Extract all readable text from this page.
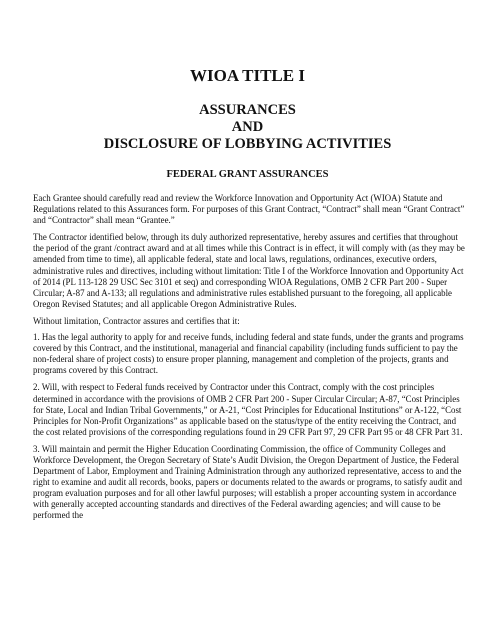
WIOA TITLE I
ASSURANCES
AND
DISCLOSURE OF LOBBYING ACTIVITIES
FEDERAL GRANT ASSURANCES

Each Grantee should carefully read and review the Workforce Innovation and Opportunity Act (WIOA) Statute and Regulations related to this Assurances form. For purposes of this Grant Contract, “Contract” shall mean “Grant Contract” and “Contractor” shall mean “Grantee.”

The Contractor identified below, through its duly authorized representative, hereby assures and certifies that throughout the period of the grant /contract award and at all times while this Contract is in effect, it will comply with (as they may be amended from time to time), all applicable federal, state and local laws, regulations, ordinances, executive orders, administrative rules and directives, including without limitation: Title I of the Workforce Innovation and Opportunity Act of 2014 (PL 113-128 29 USC Sec 3101 et seq) and corresponding WIOA Regulations, OMB 2 CFR Part 200 - Super Circular; A-87 and A-133; all regulations and administrative rules established pursuant to the foregoing, all applicable Oregon Revised Statutes; and all applicable Oregon Administrative Rules.

Without limitation, Contractor assures and certifies that it:

1. Has the legal authority to apply for and receive funds, including federal and state funds, under the grants and programs covered by this Contract, and the institutional, managerial and financial capability (including funds sufficient to pay the non-federal share of project costs) to ensure proper planning, management and completion of the projects, grants and programs covered by this Contract.

2. Will, with respect to Federal funds received by Contractor under this Contract, comply with the cost principles determined in accordance with the provisions of OMB 2 CFR Part 200 - Super Circular Circular; A-87, “Cost Principles for State, Local and Indian Tribal Governments,” or A-21, “Cost Principles for Educational Institutions” or A-122, “Cost Principles for Non-Profit Organizations” as applicable based on the status/type of the entity receiving the Contract, and the cost related provisions of the corresponding regulations found in 29 CFR Part 97, 29 CFR Part 95 or 48 CFR Part 31.

3. Will maintain and permit the Higher Education Coordinating Commission, the office of Community Colleges and Workforce Development, the Oregon Secretary of State’s Audit Division, the Oregon Department of Justice, the Federal Department of Labor, Employment and Training Administration through any authorized representative, access to and the right to examine and audit all records, books, papers or documents related to the awards or programs, to satisfy audit and program evaluation purposes and for all other lawful purposes; will establish a proper accounting system in accordance with generally accepted accounting standards and directives of the Federal awarding agencies; and will cause to be performed the
